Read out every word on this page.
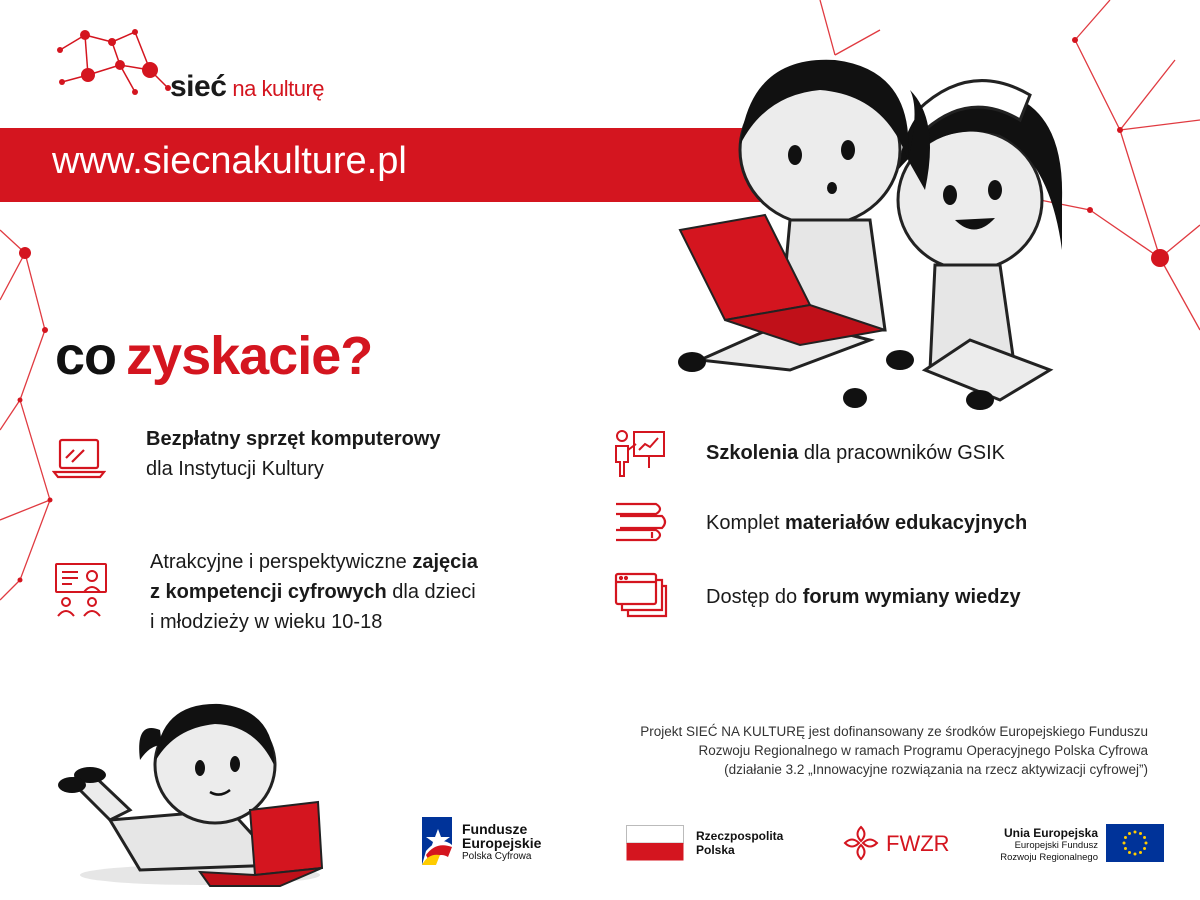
sieć na kulturę
www.siecnakulture.pl
co zyskacie?
Bezpłatny sprzęt komputerowy
dla Instytucji Kultury
Atrakcyjne i perspektywiczne zajęcia
z kompetencji cyfrowych dla dzieci
i młodzieży w wieku 10-18
Szkolenia dla pracowników GSIK
Komplet materiałów edukacyjnych
Dostęp do forum wymiany wiedzy
Projekt SIEĆ NA KULTURĘ jest dofinansowany ze środków Europejskiego Funduszu
Rozwoju Regionalnego w ramach Programu Operacyjnego Polska Cyfrowa
(działanie 3.2 „Innowacyjne rozwiązania na rzecz aktywizacji cyfrowej”)
Fundusze
Europejskie
Polska Cyfrowa
Rzeczpospolita
Polska	FWZR	Unia Europejska
Europejski Fundusz
Rozwoju Regionalnego
